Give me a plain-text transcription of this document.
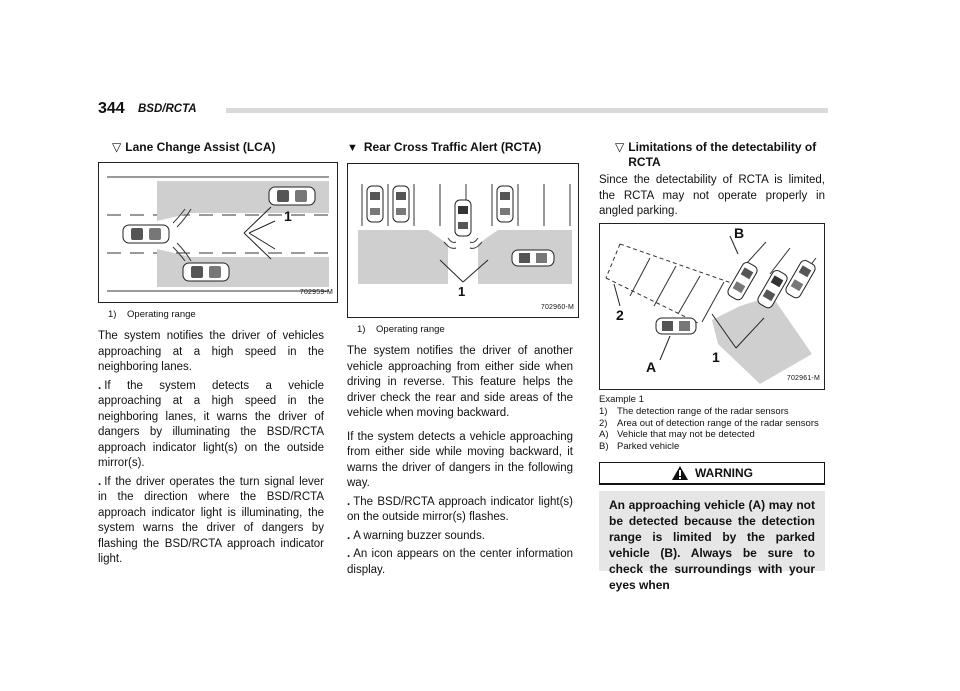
344 BSD/RCTA
▽ Lane Change Assist (LCA)
1
702959-M
1) Operating range

The system notifies the driver of vehicles approaching at a high speed in the neighboring lanes.

. If the system detects a vehicle approaching at a high speed in the neighboring lanes, it warns the driver of dangers by illuminating the BSD/RCTA approach indicator light(s) on the outside mirror(s).
. If the driver operates the turn signal lever in the direction where the BSD/RCTA approach indicator light is illuminating, the system warns the driver of dangers by flashing the BSD/RCTA approach indicator light.
▼ Rear Cross Traffic Alert (RCTA)
1
702960-M
1) Operating range

The system notifies the driver of another vehicle approaching from either side when driving in reverse. This feature helps the driver check the rear and side areas of the vehicle when moving backward.

If the system detects a vehicle approaching from either side while moving backward, it warns the driver of dangers in the following way.

. The BSD/RCTA approach indicator light(s) on the outside mirror(s) flashes.
. A warning buzzer sounds.
. An icon appears on the center information display.
▽ Limitations of the detectability of RCTA

Since the detectability of RCTA is limited, the RCTA may not operate properly in angled parking.

B
2
A
1
702961-M
Example 1
1)	The detection range of the radar sensors
2)	Area out of detection range of the radar sensors
A) Vehicle that may not be detected
B) Parked vehicle
WARNING
An approaching vehicle (A) may not be detected because the detection range is limited by the parked vehicle (B). Always be sure to check the surroundings with your eyes when
